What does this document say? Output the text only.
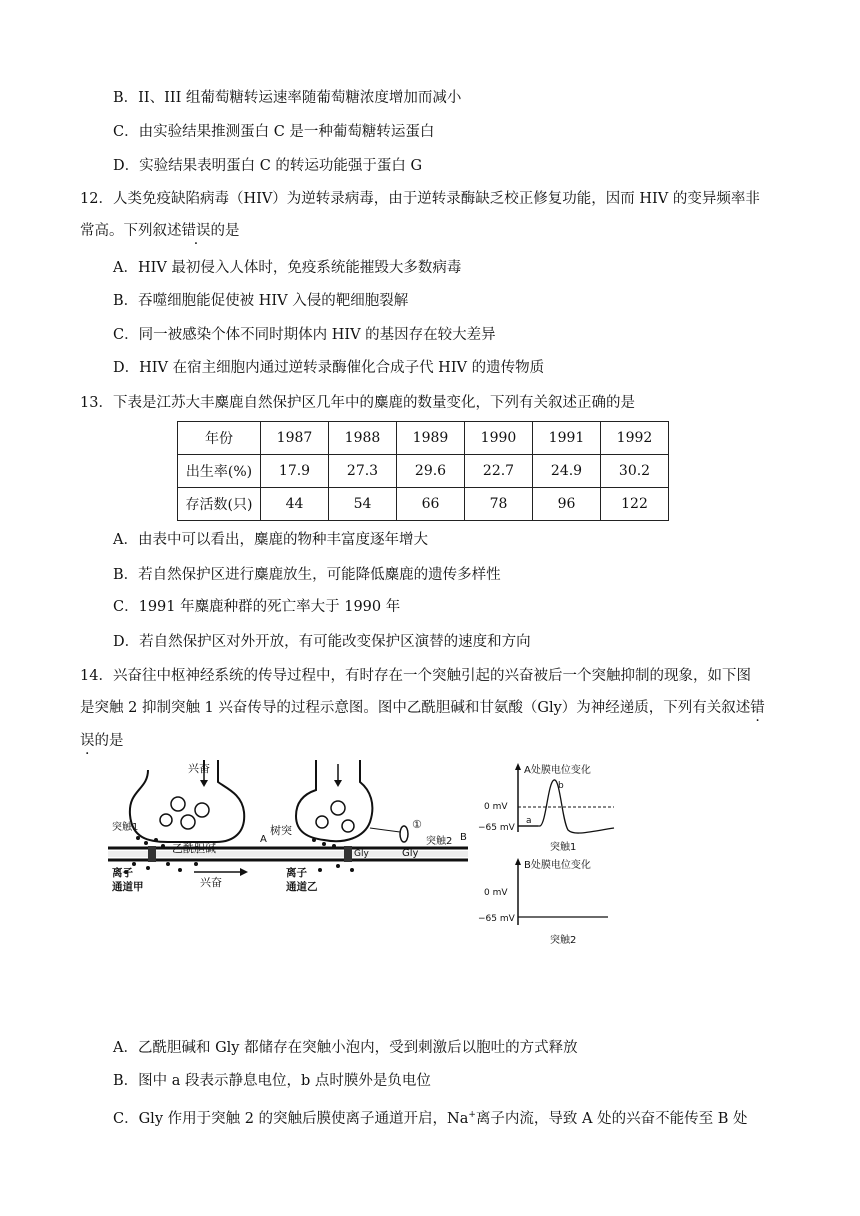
B．II、III 组葡萄糖转运速率随葡萄糖浓度增加而减小
C．由实验结果推测蛋白 C 是一种葡萄糖转运蛋白
D．实验结果表明蛋白 C 的转运功能强于蛋白 G
12．人类免疫缺陷病毒（HIV）为逆转录病毒，由于逆转录酶缺乏校正修复功能，因而 HIV 的变异频率非
常高。下列叙述错误的是
A．HIV 最初侵入人体时，免疫系统能摧毁大多数病毒
B．吞噬细胞能促使被 HIV 入侵的靶细胞裂解
C．同一被感染个体不同时期体内 HIV 的基因存在较大差异
D．HIV 在宿主细胞内通过逆转录酶催化合成子代 HIV 的遗传物质
13．下表是江苏大丰麋鹿自然保护区几年中的麋鹿的数量变化，下列有关叙述正确的是
年份	1987	1988	1989	1990	1991	1992
出生率(%)	17.9	27.3	29.6	22.7	24.9	30.2
存活数(只)	44	54	66	78	96	122
A．由表中可以看出，麋鹿的物种丰富度逐年增大
B．若自然保护区进行麋鹿放生，可能降低麋鹿的遗传多样性
C．1991 年麋鹿种群的死亡率大于 1990 年
D．若自然保护区对外开放，有可能改变保护区演替的速度和方向
14．兴奋往中枢神经系统的传导过程中，有时存在一个突触引起的兴奋被后一个突触抑制的现象，如下图
是突触 2 抑制突触 1 兴奋传导的过程示意图。图中乙酰胆碱和甘氨酸（Gly）为神经递质，下列有关叙述错
误的是
兴奋
突触1
乙酰胆碱
离子
通道甲	兴奋
A
树突
离子
通道乙
Gly	Gly
①
突触2 B
A处膜电位变化
0 mV
−65 mV
a
b
突触1
B处膜电位变化
0 mV
−65 mV
突触2
A．乙酰胆碱和 Gly 都储存在突触小泡内，受到刺激后以胞吐的方式释放
B．图中 a 段表示静息电位，b 点时膜外是负电位
C．Gly 作用于突触 2 的突触后膜使离子通道开启，Na+离子内流，导致 A 处的兴奋不能传至 B 处
